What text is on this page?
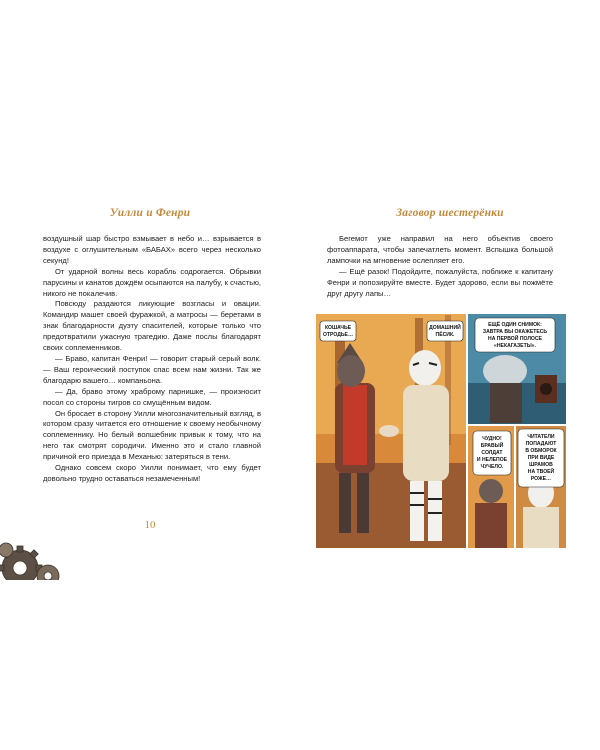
Уилли и Фенри

воздушный шар быстро взмывает в небо и… взрывается в воздухе с оглушительным «БАБАХ» всего через несколько секунд!

От ударной волны весь корабль содрогается. Обрывки парусины и канатов дождём осыпаются на палубу, к счастью, никого не покалечив.

Повсюду раздаются ликующие возгласы и овации. Командир машет своей фуражкой, а матросы — беретами в знак благодарности дуэту спасителей, которые только что предотвратили ужасную трагедию. Даже послы благодарят своих соплеменников.

— Браво, капитан Фенри! — говорит старый серый волк. — Ваш героический поступок спас всем нам жизни. Так же благодарю вашего… компаньона.

— Да, браво этому храброму парнишке, — произносит посол со стороны тигров со смущённым видом.

Он бросает в сторону Уилли многозначительный взгляд, в котором сразу читается его отношение к своему необычному соплеменнику. Но белый волшебник привык к тому, что на него так смотрят сородичи. Именно это и стало главной причиной его приезда в Механью: затеряться в тени.

Однако совсем скоро Уилли понимает, что ему будет довольно трудно оставаться незамеченным!

10
Заговор шестерёнки

Бегемот уже направил на него объектив своего фотоаппарата, чтобы запечатлеть момент. Вспышка большой лампочки на мгновение ослепляет его.

— Ещё разок! Подойдите, пожалуйста, поближе к капитану Фенри и попозируйте вместе. Будет здорово, если вы пожмёте друг другу лапы…

КОШАЧЬЕ
ОТРОДЬЕ…
ДОМАШНИЙ
ПЁСИК.
ЕЩЁ ОДИН СНИМОК:
ЗАВТРА ВЫ ОКАЖЕТЕСЬ
НА ПЕРВОЙ ПОЛОСЕ
«НЕКАГАЗЕТЫ».
ЧУДНО!
БРАВЫЙ
СОЛДАТ
И НЕЛЕПОЕ
ЧУЧЕЛО.
ЧИТАТЕЛИ
ПОПАДАЮТ
В ОБМОРОК
ПРИ ВИДЕ
ШРАМОВ
НА ТВОЕЙ
РОЖЕ…
